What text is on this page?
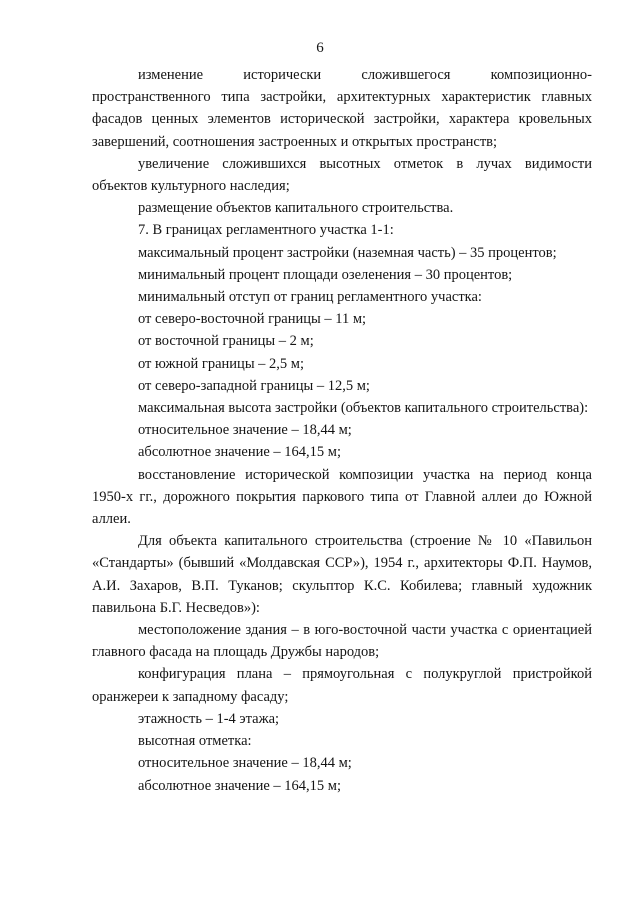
6

изменение исторически сложившегося композиционно-пространственного типа застройки, архитектурных характеристик главных фасадов ценных элементов исторической застройки, характера кровельных завершений, соотношения застроенных и открытых пространств;

увеличение сложившихся высотных отметок в лучах видимости объектов культурного наследия;

размещение объектов капитального строительства.

7. В границах регламентного участка 1-1:

максимальный процент застройки (наземная часть) – 35 процентов;

минимальный процент площади озеленения – 30 процентов;

минимальный отступ от границ регламентного участка:

от северо-восточной границы – 11 м;

от восточной границы – 2 м;

от южной границы – 2,5 м;

от северо-западной границы – 12,5 м;

максимальная высота застройки (объектов капитального строительства):

относительное значение – 18,44 м;

абсолютное значение – 164,15 м;

восстановление исторической композиции участка на период конца 1950-х гг., дорожного покрытия паркового типа от Главной аллеи до Южной аллеи.

Для объекта капитального строительства (строение № 10 «Павильон «Стандарты» (бывший «Молдавская ССР»), 1954 г., архитекторы Ф.П. Наумов, А.И. Захаров, В.П. Туканов; скульптор К.С. Кобилева; главный художник павильона Б.Г. Несведов»):

местоположение здания – в юго-восточной части участка с ориентацией главного фасада на площадь Дружбы народов;

конфигурация плана – прямоугольная с полукруглой пристройкой оранжереи к западному фасаду;

этажность – 1-4 этажа;

высотная отметка:

относительное значение – 18,44 м;

абсолютное значение – 164,15 м;
